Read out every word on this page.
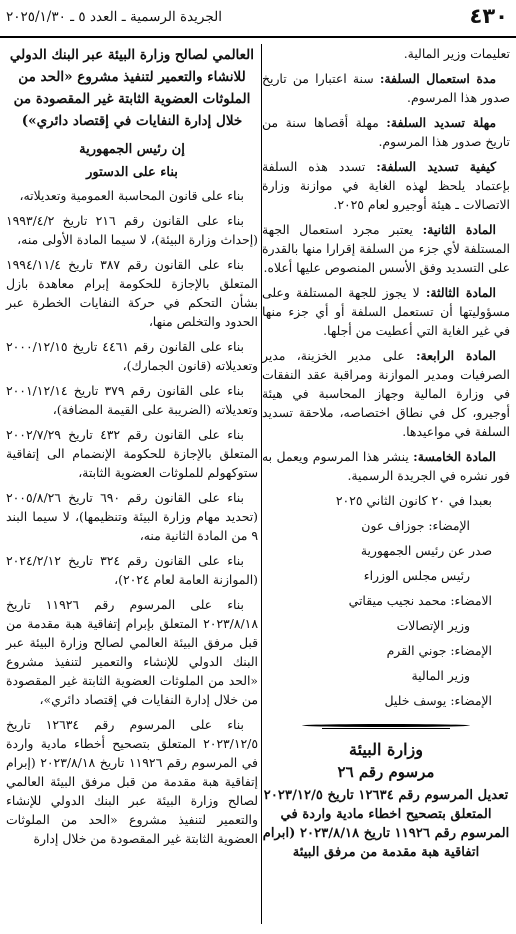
٤٣٠
الجريدة الرسمية ـ العدد ٥ ـ ٢٠٢٥/١/٣٠

تعليمات وزير المالية.

مدة استعمال السلفة: سنة اعتبارا من تاريخ صدور هذا المرسوم.

مهلة تسديد السلفة: مهلة أقصاها سنة من تاريخ صدور هذا المرسوم.

كيفية تسديد السلفة: تسدد هذه السلفة بإعتماد يلحظ لهذه الغاية في موازنة وزارة الاتصالات ـ هيئة أوجيرو لعام ٢٠٢٥.

المادة الثانية: يعتبر مجرد استعمال الجهة المستلفة لأي جزء من السلفة إقرارا منها بالقدرة على التسديد وفق الأسس المنصوص عليها أعلاه.

المادة الثالثة: لا يجوز للجهة المستلفة وعلى مسؤوليتها أن تستعمل السلفة أو أي جزء منها في غير الغاية التي أعطيت من أجلها.

المادة الرابعة: على مدير الخزينة، مدير الصرفيات ومدير الموازنة ومراقبة عقد النفقات في وزارة المالية وجهاز المحاسبة في هيئة أوجيرو، كل في نطاق اختصاصه، ملاحقة تسديد السلفة في مواعيدها.

المادة الخامسة: ينشر هذا المرسوم ويعمل به فور نشره في الجريدة الرسمية.

بعبدا في ٢٠ كانون الثاني ٢٠٢٥

الإمضاء: جوزاف عون

صدر عن رئيس الجمهورية

رئيس مجلس الوزراء

الامضاء: محمد نجيب ميقاتي

وزير الإتصالات

الإمضاء: جوني القرم

وزير المالية

الإمضاء: يوسف خليل

وزارة البيئة
مرسوم رقم ٢٦
تعديل المرسوم رقم ١٢٦٣٤ تاريخ ٢٠٢٣/١٢/٥ المتعلق بتصحيح اخطاء مادية واردة في المرسوم رقم ١١٩٢٦ تاريخ ٢٠٢٣/٨/١٨ (ابرام اتفاقية هبة مقدمة من مرفق البيئة
العالمي لصالح وزارة البيئة عبر البنك الدولي للانشاء والتعمير لتنفيذ مشروع «الحد من الملوثات العضوية الثابتة غير المقصودة من خلال إدارة النفايات في إقتصاد دائري»)
إن رئيس الجمهورية
بناء على الدستور

بناء على قانون المحاسبة العمومية وتعديلاته،

بناء على القانون رقم ٢١٦ تاريخ ١٩٩٣/٤/٢ (إحداث وزارة البيئة)، لا سيما المادة الأولى منه،

بناء على القانون رقم ٣٨٧ تاريخ ١٩٩٤/١١/٤ المتعلق بالإجازة للحكومة إبرام معاهدة بازل بشأن التحكم في حركة النفايات الخطرة عبر الحدود والتخلص منها،

بناء على القانون رقم ٤٤٦١ تاريخ ٢٠٠٠/١٢/١٥ وتعديلاته (قانون الجمارك)،

بناء على القانون رقم ٣٧٩ تاريخ ٢٠٠١/١٢/١٤ وتعديلاته (الضريبة على القيمة المضافة)،

بناء على القانون رقم ٤٣٢ تاريخ ٢٠٠٢/٧/٢٩ المتعلق بالإجازة للحكومة الإنضمام الى إتفاقية ستوكهولم للملوثات العضوية الثابتة،

بناء على القانون رقم ٦٩٠ تاريخ ٢٠٠٥/٨/٢٦ (تحديد مهام وزارة البيئة وتنظيمها)، لا سيما البند ٩ من المادة الثانية منه،

بناء على القانون رقم ٣٢٤ تاريخ ٢٠٢٤/٢/١٢ (الموازنة العامة لعام ٢٠٢٤)،

بناء على المرسوم رقم ١١٩٢٦ تاريخ ٢٠٢٣/٨/١٨ المتعلق بإبرام إتفاقية هبة مقدمة من قبل مرفق البيئة العالمي لصالح وزارة البيئة عبر البنك الدولي للإنشاء والتعمير لتنفيذ مشروع «الحد من الملوثات العضوية الثابتة غير المقصودة من خلال إدارة النفايات في إقتصاد دائري»،

بناء على المرسوم رقم ١٢٦٣٤ تاريخ ٢٠٢٣/١٢/٥ المتعلق بتصحيح أخطاء مادية واردة في المرسوم رقم ١١٩٢٦ تاريخ ٢٠٢٣/٨/١٨ (إبرام إتفاقية هبة مقدمة من قبل مرفق البيئة العالمي لصالح وزارة البيئة عبر البنك الدولي للإنشاء والتعمير لتنفيذ مشروع «الحد من الملوثات العضوية الثابتة غير المقصودة من خلال إدارة
